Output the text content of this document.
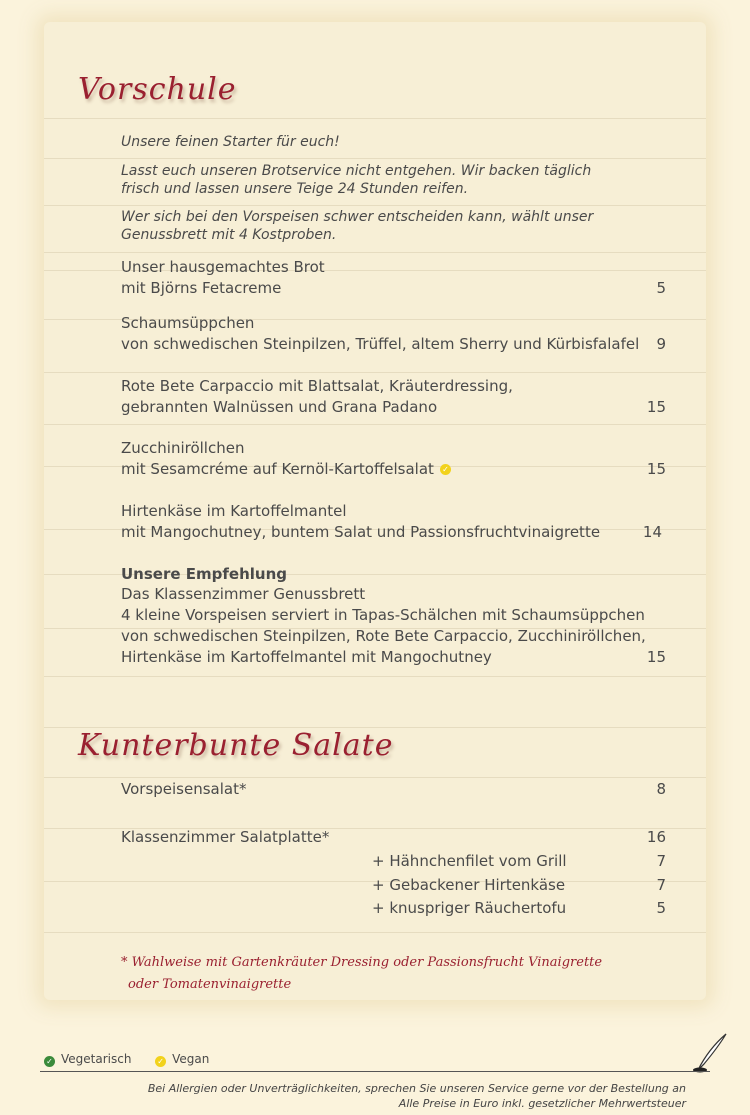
Vorschule
Unsere feinen Starter für euch!
Lasst euch unseren Brotservice nicht entgehen. Wir backen täglich
frisch und lassen unsere Teige 24 Stunden reifen.
Wer sich bei den Vorspeisen schwer entscheiden kann, wählt unser
Genussbrett mit 4 Kostproben.
Unser hausgemachtes Brot
mit Björns Fetacreme	5
Schaumsüppchen
von schwedischen Steinpilzen, Trüffel, altem Sherry und Kürbisfalafel	9
Rote Bete Carpaccio mit Blattsalat, Kräuterdressing,
gebrannten Walnüssen und Grana Padano	15
Zucchiniröllchen
mit Sesamcréme auf Kernöl-Kartoffelsalat ✓	15
Hirtenkäse im Kartoffelmantel
mit Mangochutney, buntem Salat und Passionsfruchtvinaigrette	14
Unsere Empfehlung
Das Klassenzimmer Genussbrett
4 kleine Vorspeisen serviert in Tapas-Schälchen mit Schaumsüppchen
von schwedischen Steinpilzen, Rote Bete Carpaccio, Zucchiniröllchen,
Hirtenkäse im Kartoffelmantel mit Mangochutney	15
Kunterbunte Salate
Vorspeisensalat*	8
Klassenzimmer Salatplatte*	16
+ Hähnchenfilet vom Grill	7
+ Gebackener Hirtenkäse	7
+ knuspriger Räuchertofu	5
* Wahlweise mit Gartenkräuter Dressing oder Passionsfrucht Vinaigrette
oder Tomatenvinaigrette
✓ Vegetarisch	✓ Vegan
Bei Allergien oder Unverträglichkeiten, sprechen Sie unseren Service gerne vor der Bestellung an
Alle Preise in Euro inkl. gesetzlicher Mehrwertsteuer
